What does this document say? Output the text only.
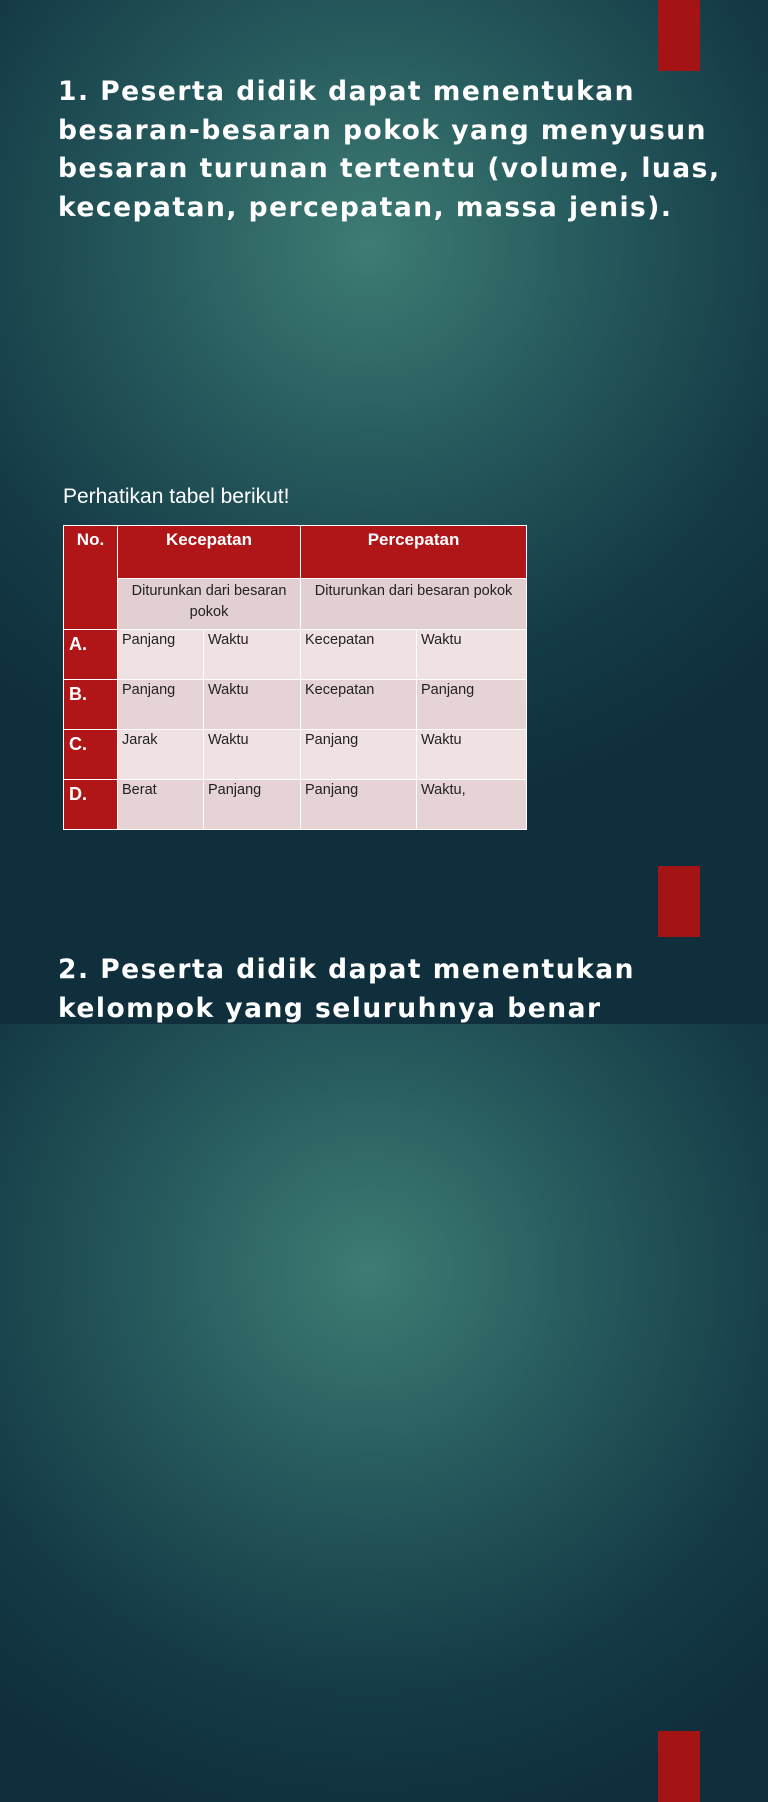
1. Peserta didik dapat menentukan besaran-besaran pokok yang menyusun besaran turunan tertentu (volume, luas, kecepatan, percepatan, massa jenis).

Perhatikan tabel berikut!

No.	Kecepatan		Percepatan	
	Diturunkan dari besaran pokok		Diturunkan dari besaran pokok	
A.	Panjang	Waktu	Kecepatan	Waktu
B.	Panjang	Waktu	Kecepatan	Panjang
C.	Jarak	Waktu	Panjang	Waktu
D.	Berat	Panjang	Panjang	Waktu,

2. Peserta didik dapat menentukan kelompok yang seluruhnya benar
